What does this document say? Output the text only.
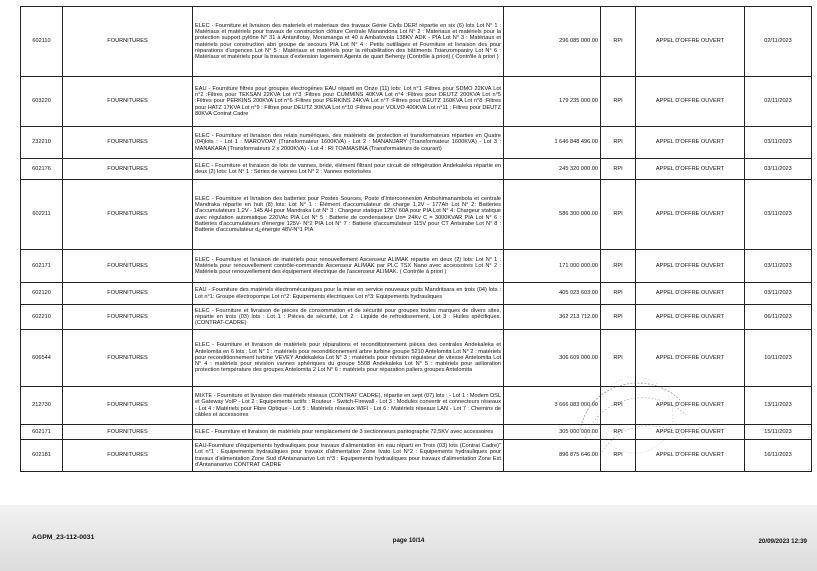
602110	FOURNITURES	ELEC - Fourniture et livraison des materiels et materiaux des travaux Génie Civils DER! répartie en six (6) lots Lot N° 1 : Matériaux et matériels pour travaux de construction clôture Centrale Manandona Lot N° 2 : Materiaux et matériels pour la protection support pylône N° 31 à Antanifotsy, Moramanga et 40 à Ambatovola 138KV ADK - PIA Lot N° 3 : Matériaux et matériels pour construction abri groupe de secours PIA Lot N° 4 : Petits outillages et Fourniture et livraison des pour réparations d'urgences Lot N° 5 : Matériaux et matériels pour la réhabilitation des bâtiments Tsianzompaniry Lot N° 6 : Matériaux et matériels pour la travaux d'extension logement Agents de quart Behenjy (Contrôle à priori) ( Contrôle à priori )	296 085 000.00	RPI	APPEL D'OFFRE OUVERT	02/11/2023
603220	FOURNITURES	EAU - Fourniture filtres pour groupes électrogènes EAU réparti en Onze (11) lots: Lot n°1 :Filtres pour SDMO 22KVA Lot n°2 :Filtres pour TEKSAN 22KVA Lot n°3 :Filtres pour CUMMINS 40KVA Lot n°4 :Filtres pour DEUTZ 200KVA Lot n°5 :Filtres pour PERKINS 200KVA Lot n°6 :Filtres pour PERKINS 24KVA Lot n°7 :Filtres pour DEUTZ 160KVA Lot n°8 :Filtres pour HATZ 17KVA Lot n°9 : Filtres pour DEUTZ 30KVA Lot n°10 :Filtres pour VOLVO 400KVA Lot n°11 : Filtres pour DEUTZ 80KVA Contrat Cadre	179 235 000.00	RPI	APPEL D'OFFRE OUVERT	02/11/2023
232210	FOURNITURES	ELEC - Fourniture et livraison des relais numériques, des matériels de protection et transformateurs réparties en Quatre (04)lots : - Lot 1 : MAROVOAY (Transformateur 1600KVA) - Lot 2 : MANANJARY (Transformateur 1600KVA) - Lot 3 : MANAKARA (Transformateurs 2 x 2000KVA) - Lot 4 : RI TOAMASINA (Transformateurs de courant)	1 646 848 496.00	RPI	APPEL D'OFFRE OUVERT	03/11/2023
602176	FOURNITURES	ELEC - Fourniture et livraison de lots de vannes, bride, élément filtrant pour circuit de réfrigération Andekaleka répartie en deux (2) lots: Lot N° 1 : Séries de vannes Lot N° 2 : Vannes motorisées	245 320 000.00	RPI	APPEL D'OFFRE OUVERT	03/11/2023
602211	FOURNITURES	ELEC - Fourniture et livraison des batteries pour Postes Sources, Poste d'Interconnexion Ambohimanambola et centrale Mandraka répartie en huit (8) lots: Lot N° 1 : Élément d'accumulateur de charge 1,2V - 177Ah Lot N° 2: Batteries d'accumulateurs 1,2V - 145 AH pour Mandraka Lot N° 3 : Chargeur statique 125V 60A pour PIA Lot N° 4: Chargeur statique avec régulation automatique 220VAc PIA Lot N° 5 : Batterie de condensateur Un= 24Kv C = 3000KVAR PIA Lot N° 6 : Batteries d'accumulateurs d'énergie 125V- N°2 PIA Lot N° 7 : Batterie d'accumulateur 115V pour CT Antsirabe Lot N° 8 : Batterie d'accumulateur d¿énergie 48V-N°1 PIA	586 300 000.00	RPI	APPEL D'OFFRE OUVERT	03/11/2023
602171	FOURNITURES	ELEC - Fourniture et livraison de matériels pour renouvellement Ascenseur ALIMAK répartie en deux (2) lots: Lot N° 1 : Matériels pour renouvellement contrôle-commande Ascenseur ALIMAK par PLC TSX Nano avec accessoires Lot N° 2 : Matériels pour renouvellement des équipement électrique de l'ascenseur ALIMAK. ( Contrôle à priori )	171 000 000.00	RPI	APPEL D'OFFRE OUVERT	03/11/2023
602120	FOURNITURES	EAU - Fourniture des matériels électromécaniques pour la mise en service nouveaux puits Mandritsara en trois (04) lots : Lot n°1: Groupe électropompe Lot n°2: Equipements électriques Lot n°3: Equipements hydrauliques	405 023 603.00	RPI	APPEL D'OFFRE OUVERT	03/11/2023
602210	FOURNITURES	ELEC - Fourniture et livraison de pièces de consommation et de sécurité pour groupes toutes marques de divers sites, répartie en trois (03) lots : Lot 1 : Pièces de sécurité, Lot 2 : Liquide de refroidissement, Lot 3 : Huiles spécifiques. (CONTRAT-CADRE)	362 213 712.00	RPI	APPEL D'OFFRE OUVERT	06/11/2023
606544	FOURNITURES	ELEC - Fourniture et livraison de matériels pour réparations et reconditionnement pièces des centrales Andekaleka et Antelomita en 6 lots : Lot N° 1 : matériels pour reconditionnement arbre turbine groupe 5210 Antelomita Lot N° 2 : matériels pour reconditionnement turbine VEVEY Andekaleka Lot N° 3 : matériels pour révision régulateur de vitesse Antelomita Lot N° 4 : matériels pour révision vannes sphériques du groupe 5508 Andekaleka Lot N° 5 : matériels pour aélioration protection température des groupes Antelomita 2 Lot N° 6 : matériels pour réparation paliers groupes Antelomita	306 609 000.00	RPI	APPEL D'OFFRE OUVERT	10/11/2023
212730	FOURNITURES	MIXTE - Fourniture et livraison des matériels réseaux (CONTRAT CADRE), répartie en sept (07) lots : - Lot 1 : Modem DSL et Gateway VoIP - Lot 2 : Equipements actifs : Routeur - Switch-Firewall - Lot 3 : Modules convertir et connecteurs réseaux - Lot 4 : Matériels pour Fibre Optique - Lot 5 : Matériels réseaux WIFI - Lot 6 : Matériels réseaux LAN - Lot 7 : Chemins de câbles et accessoires	3 666 083 000.00	RPI	APPEL D'OFFRE OUVERT	13/11/2023
602171	FOURNITURES	ELEC - Fourniture et livraison de matériels pour remplacement de 3 sectionneurs pantographe 72,5KV avec accessoires	305 000 000.00	RPI	APPEL D'OFFRE OUVERT	15/11/2023
602181	FOURNITURES	EAU-Fourniture d'équipements hydrauliques pour travaux d'alimentation en eau réparti en Trois (03) lots (Contrat Cadre)" Lot n°1 : Equipements hydrauliques pour travaux d'alimentation Zone Ivato Lot N°2 : Equipements hydrauliques pour travaux d'alimentation Zone Sud d'Antananarivo Lot n°3 : Equipements hydrauliques pour travaux d'alimentation Zone Est d'Antananarivo CONTRAT CADRE	896 875 646.00	RPI	APPEL D'OFFRE OUVERT	16/11/2023
AGPM_23-112-0031	page 10/14	20/09/2023 12:39
